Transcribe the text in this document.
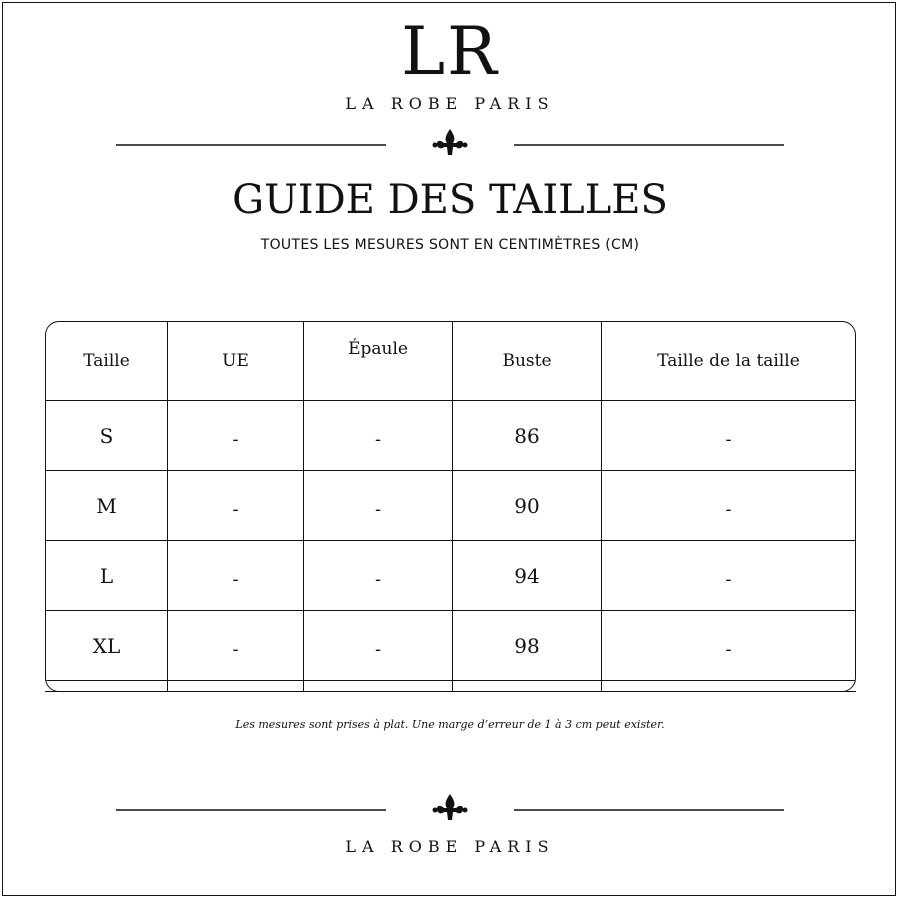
LR
LA ROBE PARIS
GUIDE DES TAILLES
TOUTES LES MESURES SONT EN CENTIMÈTRES (CM)
Taille	UE	Épaule	Buste	Taille de la taille
S	-	-	86	-
M	-	-	90	-
L	-	-	94	-
XL	-	-	98	-

Les mesures sont prises à plat. Une marge d’erreur de 1 à 3 cm peut exister.
LA ROBE PARIS
